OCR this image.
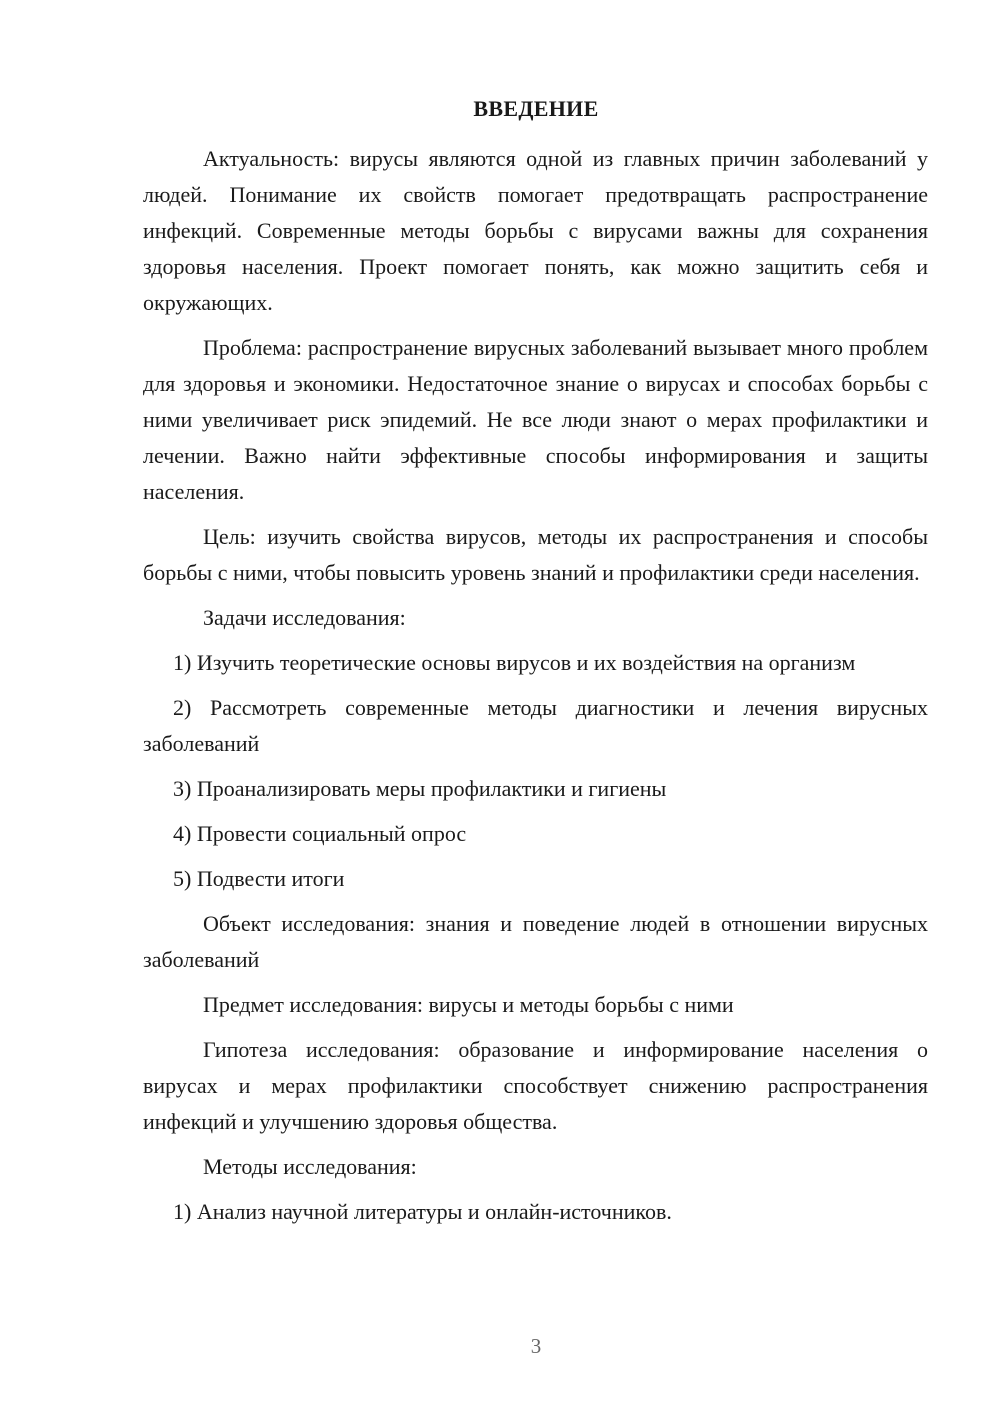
ВВЕДЕНИЕ

Актуальность: вирусы являются одной из главных причин заболеваний у людей. Понимание их свойств помогает предотвращать распространение инфекций. Современные методы борьбы с вирусами важны для сохранения здоровья населения. Проект помогает понять, как можно защитить себя и окружающих.

Проблема: распространение вирусных заболеваний вызывает много проблем для здоровья и экономики. Недостаточное знание о вирусах и способах борьбы с ними увеличивает риск эпидемий. Не все люди знают о мерах профилактики и лечении. Важно найти эффективные способы информирования и защиты населения.

Цель: изучить свойства вирусов, методы их распространения и способы борьбы с ними, чтобы повысить уровень знаний и профилактики среди населения.

Задачи исследования:

1) Изучить теоретические основы вирусов и их воздействия на организм

2) Рассмотреть современные методы диагностики и лечения вирусных заболеваний

3) Проанализировать меры профилактики и гигиены

4) Провести социальный опрос

5) Подвести итоги

Объект исследования: знания и поведение людей в отношении вирусных заболеваний

Предмет исследования: вирусы и методы борьбы с ними

Гипотеза исследования: образование и информирование населения о вирусах и мерах профилактики способствует снижению распространения инфекций и улучшению здоровья общества.

Методы исследования:

1) Анализ научной литературы и онлайн-источников.

3
